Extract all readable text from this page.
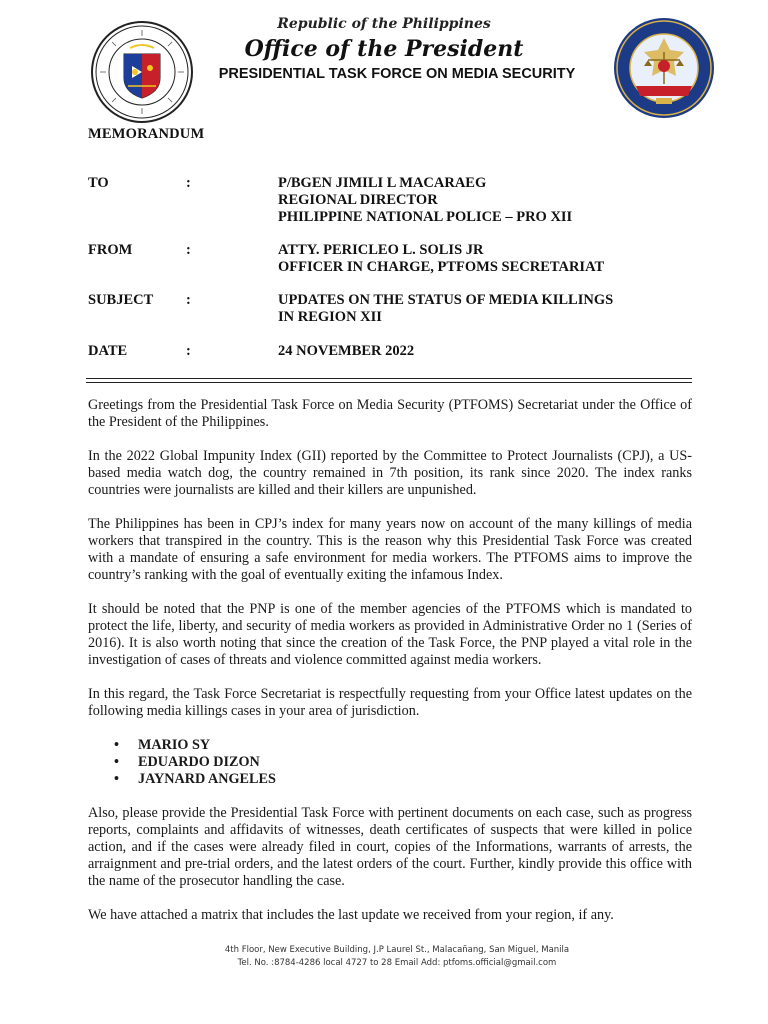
Republic of the Philippines
Office of the President
PRESIDENTIAL TASK FORCE ON MEDIA SECURITY
MEMORANDUM
TO	:	P/BGEN JIMILI L MACARAEG
REGIONAL DIRECTOR
PHILIPPINE NATIONAL POLICE – PRO XII
FROM	:	ATTY. PERICLEO L. SOLIS JR
OFFICER IN CHARGE, PTFOMS SECRETARIAT
SUBJECT	:	UPDATES ON THE STATUS OF MEDIA KILLINGS
IN REGION XII
DATE	:	24 NOVEMBER 2022

Greetings from the Presidential Task Force on Media Security (PTFOMS) Secretariat under the Office of the President of the Philippines.

In the 2022 Global Impunity Index (GII) reported by the Committee to Protect Journalists (CPJ), a US-based media watch dog, the country remained in 7th position, its rank since 2020. The index ranks countries were journalists are killed and their killers are unpunished.

The Philippines has been in CPJ’s index for many years now on account of the many killings of media workers that transpired in the country. This is the reason why this Presidential Task Force was created with a mandate of ensuring a safe environment for media workers. The PTFOMS aims to improve the country’s ranking with the goal of eventually exiting the infamous Index.

It should be noted that the PNP is one of the member agencies of the PTFOMS which is mandated to protect the life, liberty, and security of media workers as provided in Administrative Order no 1 (Series of 2016). It is also worth noting that since the creation of the Task Force, the PNP played a vital role in the investigation of cases of threats and violence committed against media workers.

In this regard, the Task Force Secretariat is respectfully requesting from your Office latest updates on the following media killings cases in your area of jurisdiction.

• MARIO SY
• EDUARDO DIZON
• JAYNARD ANGELES

Also, please provide the Presidential Task Force with pertinent documents on each case, such as progress reports, complaints and affidavits of witnesses, death certificates of suspects that were killed in police action, and if the cases were already filed in court, copies of the Informations, warrants of arrests, the arraignment and pre-trial orders, and the latest orders of the court. Further, kindly provide this office with the name of the prosecutor handling the case.

We have attached a matrix that includes the last update we received from your region, if any.

4th Floor, New Executive Building, J.P Laurel St., Malacañang, San Miguel, Manila
Tel. No. :8784-4286 local 4727 to 28 Email Add: ptfoms.official@gmail.com
